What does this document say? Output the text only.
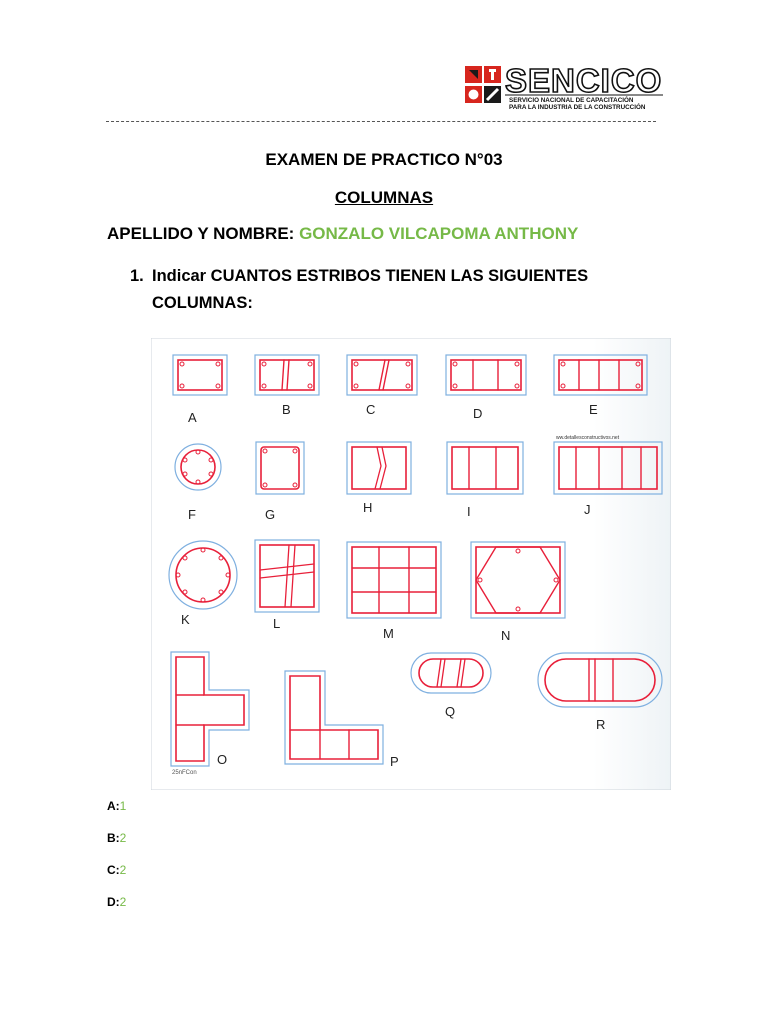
SENCICO
SERVICIO NACIONAL DE CAPACITACIÓN
PARA LA INDUSTRIA DE LA CONSTRUCCIÓN
EXAMEN DE PRACTICO N°03
COLUMNAS
APELLIDO Y NOMBRE: GONZALO VILCAPOMA ANTHONY
1. Indicar CUANTOS ESTRIBOS TIENEN LAS SIGUIENTES COLUMNAS:
A
B	C	D	E
F	G	H	I	J
K	L
M	N
O	P
Q
R
ww.detallesconstructivos.net
25nFCon
A:1
B:2
C:2
D:2
